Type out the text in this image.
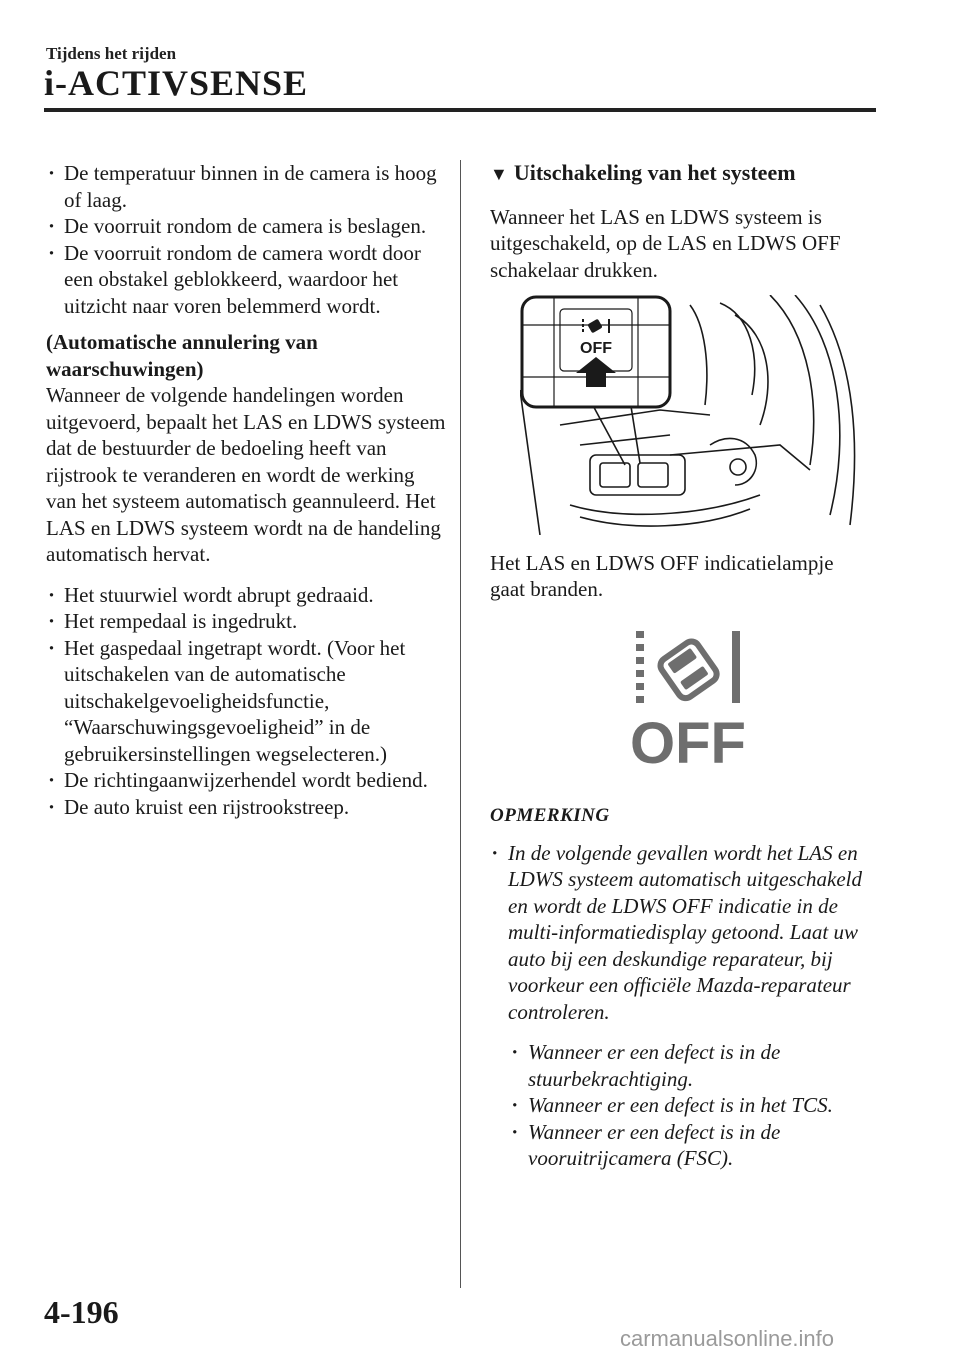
Tijdens het rijden
i-ACTIVSENSE
· De temperatuur binnen in de camera is hoog of laag.
· De voorruit rondom de camera is beslagen.
· De voorruit rondom de camera wordt door een obstakel geblokkeerd, waardoor het uitzicht naar voren belemmerd wordt.

(Automatische annulering van waarschuwingen)

Wanneer de volgende handelingen worden uitgevoerd, bepaalt het LAS en LDWS systeem dat de bestuurder de bedoeling heeft van rijstrook te veranderen en wordt de werking van het systeem automatisch geannuleerd. Het LAS en LDWS systeem wordt na de handeling automatisch hervat.

· Het stuurwiel wordt abrupt gedraaid.
· Het rempedaal is ingedrukt.
· Het gaspedaal ingetrapt wordt. (Voor het uitschakelen van de automatische uitschakelgevoeligheidsfunctie, “Waarschuwingsgevoeligheid” in de gebruikersinstellingen wegselecteren.)
· De richtingaanwijzerhendel wordt bediend.
· De auto kruist een rijstrookstreep.

▼ Uitschakeling van het systeem

Wanneer het LAS en LDWS systeem is uitgeschakeld, op de LAS en LDWS OFF schakelaar drukken.

OFF

Het LAS en LDWS OFF indicatielampje gaat branden.

OFF

OPMERKING

· In de volgende gevallen wordt het LAS en LDWS systeem automatisch uitgeschakeld en wordt de LDWS OFF indicatie in de multi-informatiedisplay getoond. Laat uw auto bij een deskundige reparateur, bij voorkeur een officiële Mazda-reparateur controleren.
· Wanneer er een defect is in de stuurbekrachtiging.
· Wanneer er een defect is in het TCS.
· Wanneer er een defect is in de vooruitrijcamera (FSC).
4-196
carmanualsonline.info
